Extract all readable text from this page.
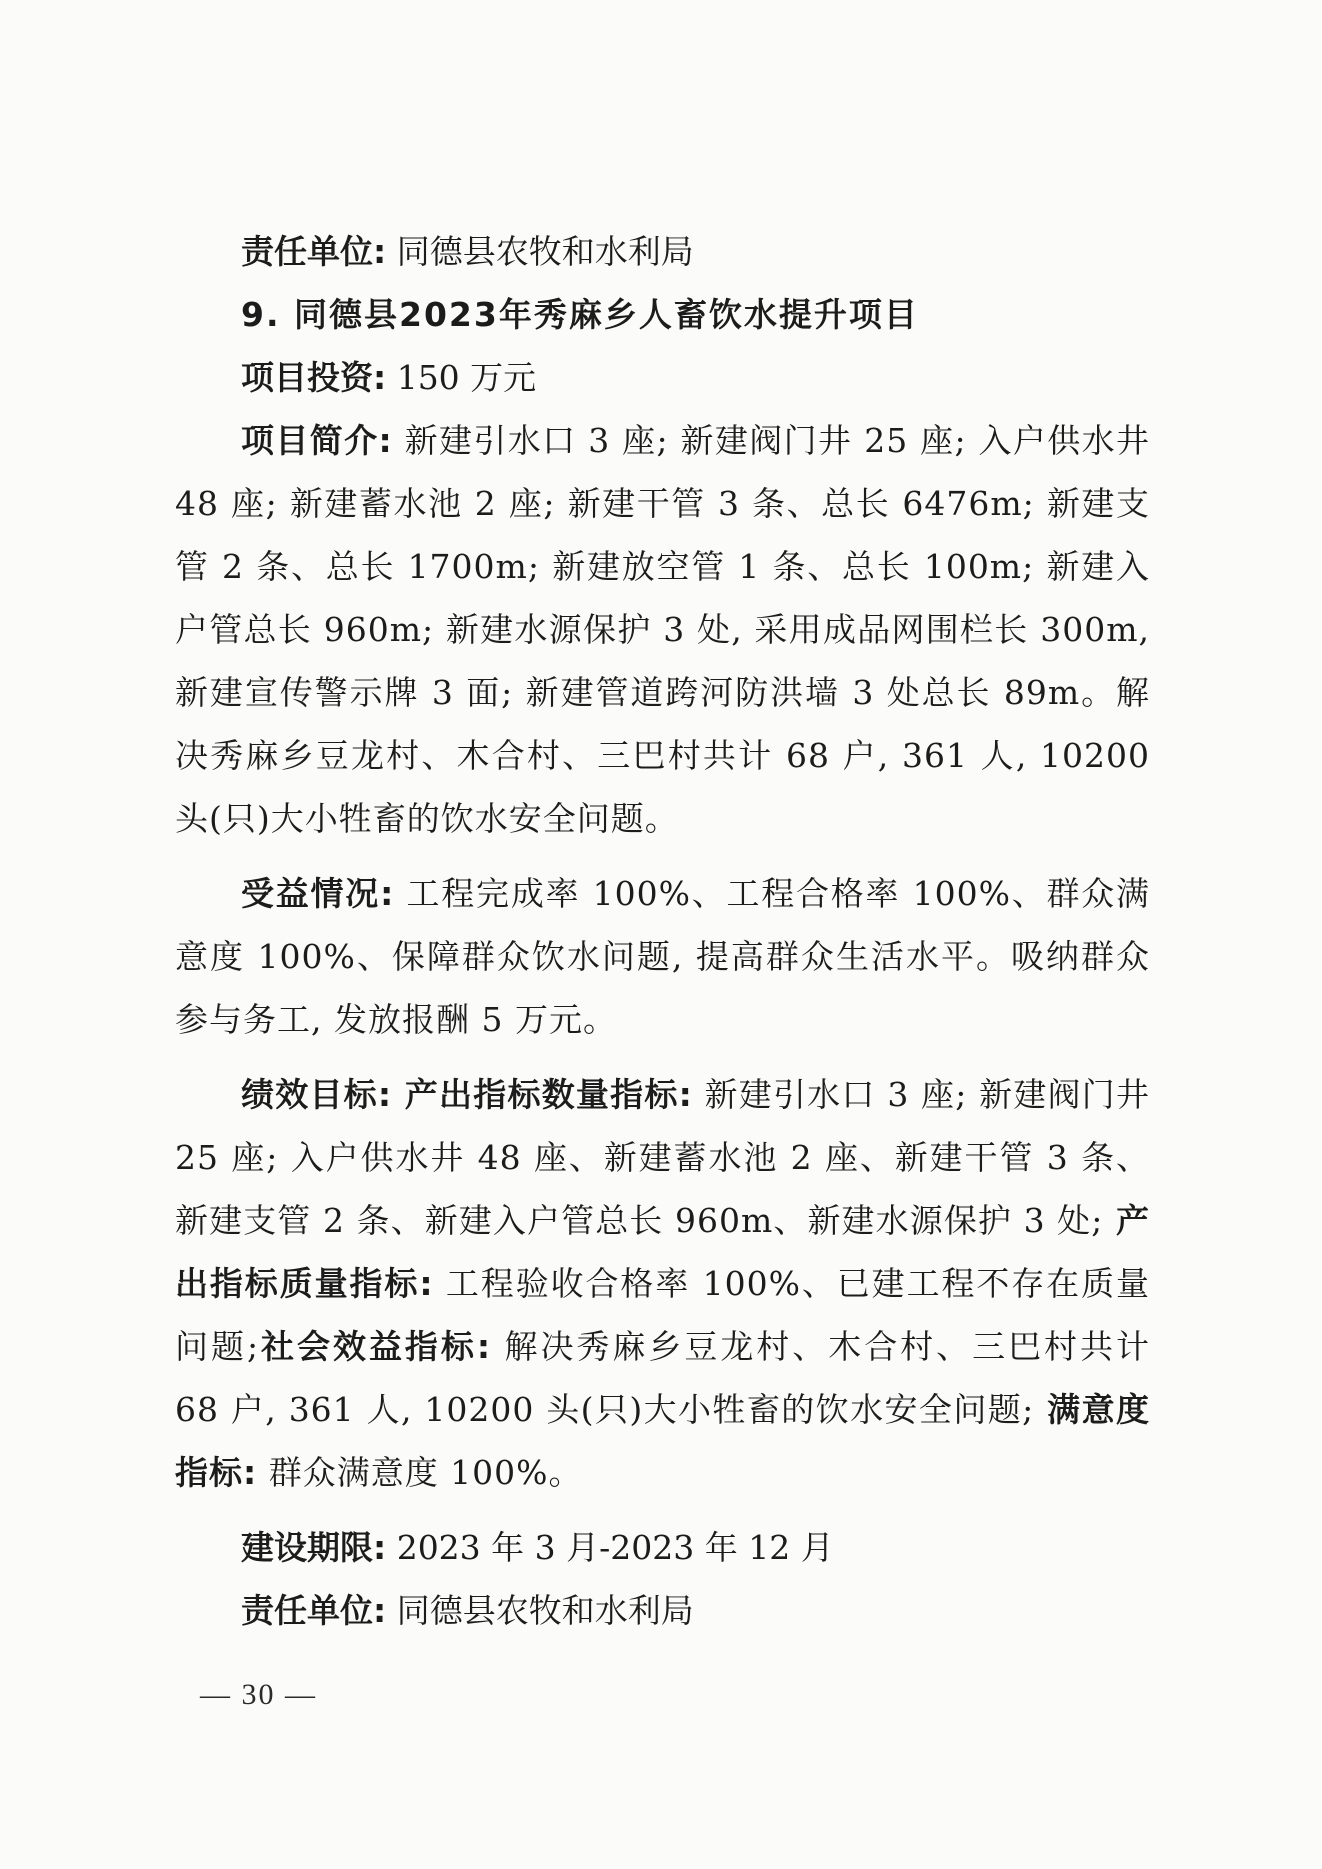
责任单位: 同德县农牧和水利局

9. 同德县2023年秀麻乡人畜饮水提升项目

项目投资: 150 万元

项目简介: 新建引水口 3 座; 新建阀门井 25 座; 入户供水井 48 座; 新建蓄水池 2 座; 新建干管 3 条、总长 6476m; 新建支管 2 条、总长 1700m; 新建放空管 1 条、总长 100m; 新建入户管总长 960m; 新建水源保护 3 处, 采用成品网围栏长 300m, 新建宣传警示牌 3 面; 新建管道跨河防洪墙 3 处总长 89m。解决秀麻乡豆龙村、木合村、三巴村共计 68 户, 361 人, 10200 头(只)大小牲畜的饮水安全问题。

受益情况: 工程完成率 100%、工程合格率 100%、群众满意度 100%、保障群众饮水问题, 提高群众生活水平。吸纳群众参与务工, 发放报酬 5 万元。

绩效目标: 产出指标数量指标: 新建引水口 3 座; 新建阀门井 25 座; 入户供水井 48 座、新建蓄水池 2 座、新建干管 3 条、新建支管 2 条、新建入户管总长 960m、新建水源保护 3 处; 产出指标质量指标: 工程验收合格率 100%、已建工程不存在质量问题;社会效益指标: 解决秀麻乡豆龙村、木合村、三巴村共计 68 户, 361 人, 10200 头(只)大小牲畜的饮水安全问题; 满意度指标: 群众满意度 100%。

建设期限: 2023 年 3 月-2023 年 12 月

责任单位: 同德县农牧和水利局

— 30 —
